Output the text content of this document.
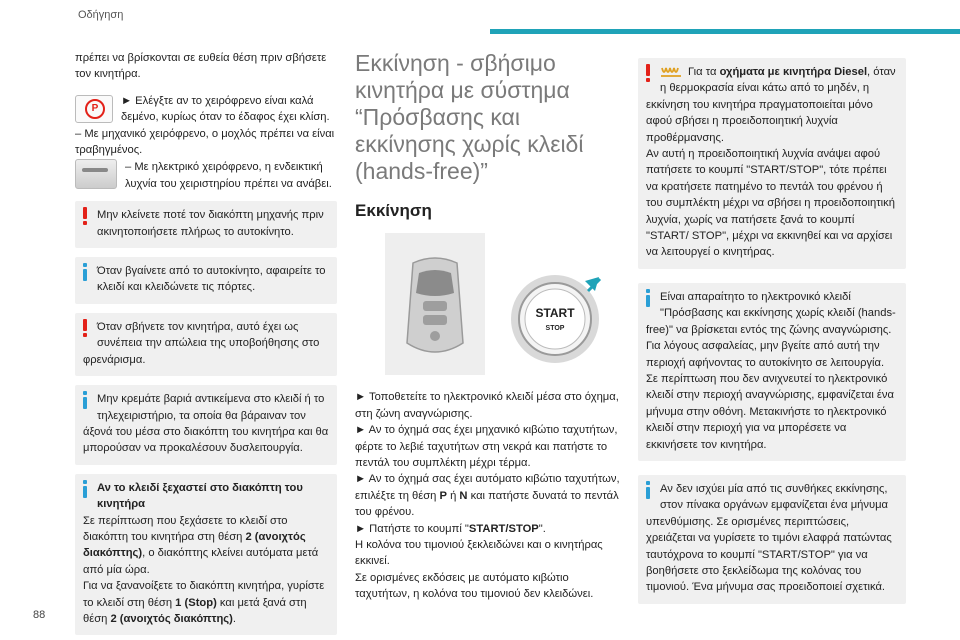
Οδήγηση

πρέπει να βρίσκονται σε ευθεία θέση πριν σβήσετε τον κινητήρα.

P

► Ελέγξτε αν το χειρόφρενο είναι καλά δεμένο, κυρίως όταν το έδαφος έχει κλίση.

– Με μηχανικό χειρόφρενο, ο μοχλός πρέπει να είναι τραβηγμένος.

– Με ηλεκτρικό χειρόφρενο, η ενδεικτική λυχνία του χειριστηρίου πρέπει να ανάβει.

Μην κλείνετε ποτέ τον διακόπτη μηχανής πριν ακινητοποιήσετε πλήρως το αυτοκίνητο.

Όταν βγαίνετε από το αυτοκίνητο, αφαιρείτε το κλειδί και κλειδώνετε τις πόρτες.

Όταν σβήνετε τον κινητήρα, αυτό έχει ως συνέπεια την απώλεια της υποβοήθησης στο φρενάρισμα.

Μην κρεμάτε βαριά αντικείμενα στο κλειδί ή το τηλεχειριστήριο, τα οποία θα βάραιναν τον άξονά του μέσα στο διακόπτη του κινητήρα και θα μπορούσαν να προκαλέσουν δυσλειτουργία.

Αν το κλειδί ξεχαστεί στο διακόπτη του κινητήρα

Σε περίπτωση που ξεχάσετε το κλειδί στο διακόπτη του κινητήρα στη θέση 2 (ανοιχτός διακόπτης), ο διακόπτης κλείνει αυτόματα μετά από μία ώρα.

Για να ξανανοίξετε το διακόπτη κινητήρα, γυρίστε το κλειδί στη θέση 1 (Stop) και μετά ξανά στη θέση 2 (ανοιχτός διακόπτης).

Εκκίνηση - σβήσιμο κινητήρα με σύστημα “Πρόσβασης και εκκίνησης χωρίς κλειδί (hands-free)”
Εκκίνηση
START
STOP

► Τοποθετείτε το ηλεκτρονικό κλειδί μέσα στο όχημα, στη ζώνη αναγνώρισης.

► Αν το όχημά σας έχει μηχανικό κιβώτιο ταχυτήτων, φέρτε το λεβιέ ταχυτήτων στη νεκρά και πατήστε το πεντάλ του συμπλέκτη μέχρι τέρμα.

► Αν το όχημά σας έχει αυτόματο κιβώτιο ταχυτήτων, επιλέξτε τη θέση P ή N και πατήστε δυνατά το πεντάλ του φρένου.

► Πατήστε το κουμπί "START/STOP".

Η κολόνα του τιμονιού ξεκλειδώνει και ο κινητήρας εκκινεί.

Σε ορισμένες εκδόσεις με αυτόματο κιβώτιο ταχυτήτων, η κολόνα του τιμονιού δεν κλειδώνει.

Για τα οχήματα με κινητήρα Diesel, όταν η θερμοκρασία είναι κάτω από το μηδέν, η εκκίνηση του κινητήρα πραγματοποιείται μόνο αφού σβήσει η προειδοποιητική λυχνία προθέρμανσης.

Αν αυτή η προειδοποιητική λυχνία ανάψει αφού πατήσετε το κουμπί "START/STOP", τότε πρέπει να κρατήσετε πατημένο το πεντάλ του φρένου ή του συμπλέκτη μέχρι να σβήσει η προειδοποιητική λυχνία, χωρίς να πατήσετε ξανά το κουμπί "START/ STOP", μέχρι να εκκινηθεί και να αρχίσει να λειτουργεί ο κινητήρας.

Είναι απαραίτητο το ηλεκτρονικό κλειδί "Πρόσβασης και εκκίνησης χωρίς κλειδί (hands-free)" να βρίσκεται εντός της ζώνης αναγνώρισης. Για λόγους ασφαλείας, μην βγείτε από αυτή την περιοχή αφήνοντας το αυτοκίνητο σε λειτουργία.

Σε περίπτωση που δεν ανιχνευτεί το ηλεκτρονικό κλειδί στην περιοχή αναγνώρισης, εμφανίζεται ένα μήνυμα στην οθόνη. Μετακινήστε το ηλεκτρονικό κλειδί στην περιοχή για να μπορέσετε να εκκινήσετε τον κινητήρα.

Αν δεν ισχύει μία από τις συνθήκες εκκίνησης, στον πίνακα οργάνων εμφανίζεται ένα μήνυμα υπενθύμισης. Σε ορισμένες περιπτώσεις, χρειάζεται να γυρίσετε το τιμόνι ελαφρά πατώντας ταυτόχρονα το κουμπί "START/STOP" για να βοηθήσετε στο ξεκλείδωμα της κολόνας του τιμονιού. Ένα μήνυμα σας προειδοποιεί σχετικά.

88
